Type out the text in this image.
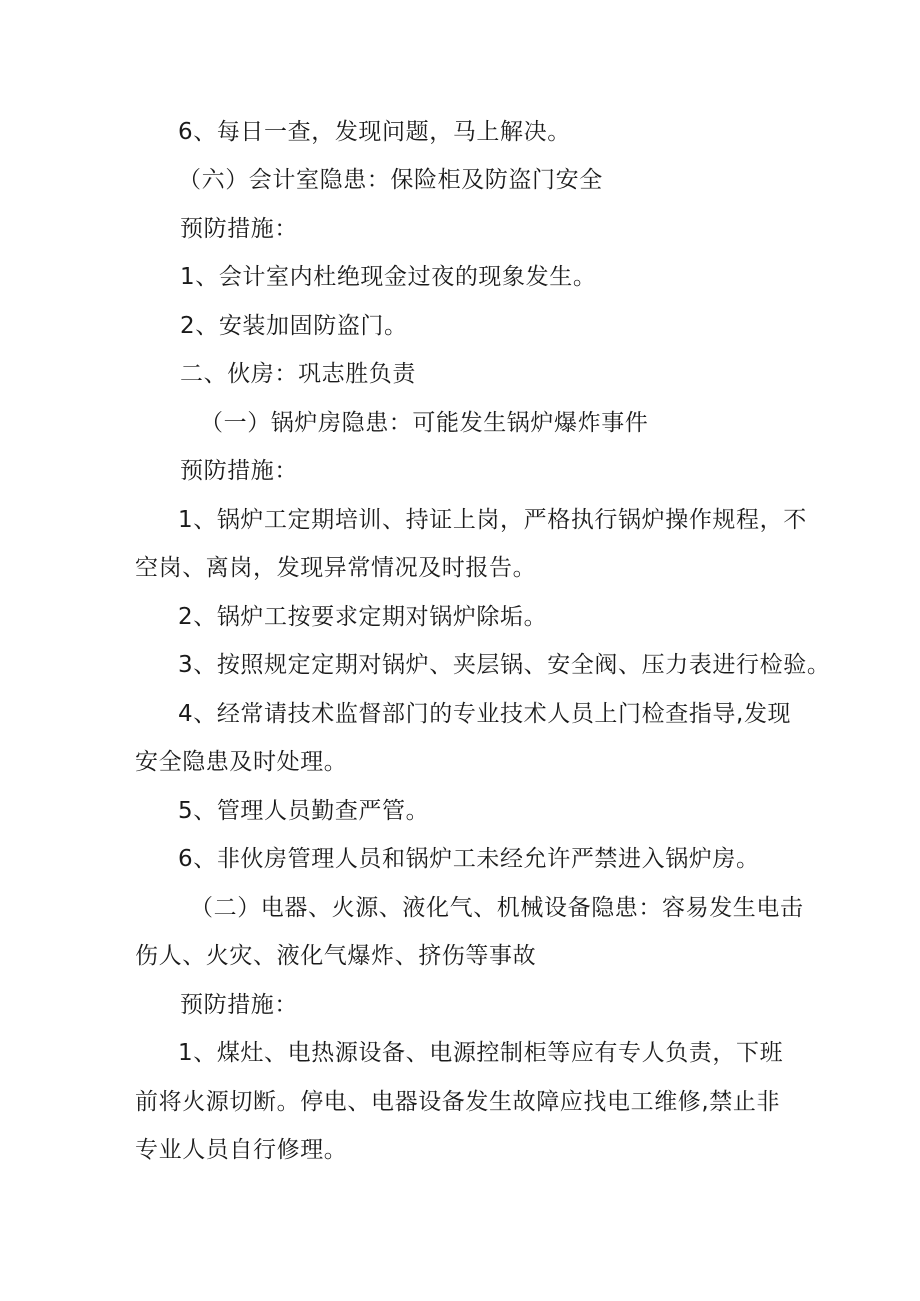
6、每日一查，发现问题，马上解决。
（六）会计室隐患：保险柜及防盗门安全
预防措施：
1、会计室内杜绝现金过夜的现象发生。
2、安装加固防盗门。
二、伙房：巩志胜负责
（一）锅炉房隐患：可能发生锅炉爆炸事件
预防措施：
1、锅炉工定期培训、持证上岗，严格执行锅炉操作规程，不
空岗、离岗，发现异常情况及时报告。
2、锅炉工按要求定期对锅炉除垢。
3、按照规定定期对锅炉、夹层锅、安全阀、压力表进行检验。
4、经常请技术监督部门的专业技术人员上门检查指导,发现
安全隐患及时处理。
5、管理人员勤查严管。
6、非伙房管理人员和锅炉工未经允许严禁进入锅炉房。
（二）电器、火源、液化气、机械设备隐患：容易发生电击
伤人、火灾、液化气爆炸、挤伤等事故
预防措施：
1、煤灶、电热源设备、电源控制柜等应有专人负责，下班
前将火源切断。停电、电器设备发生故障应找电工维修,禁止非
专业人员自行修理。
